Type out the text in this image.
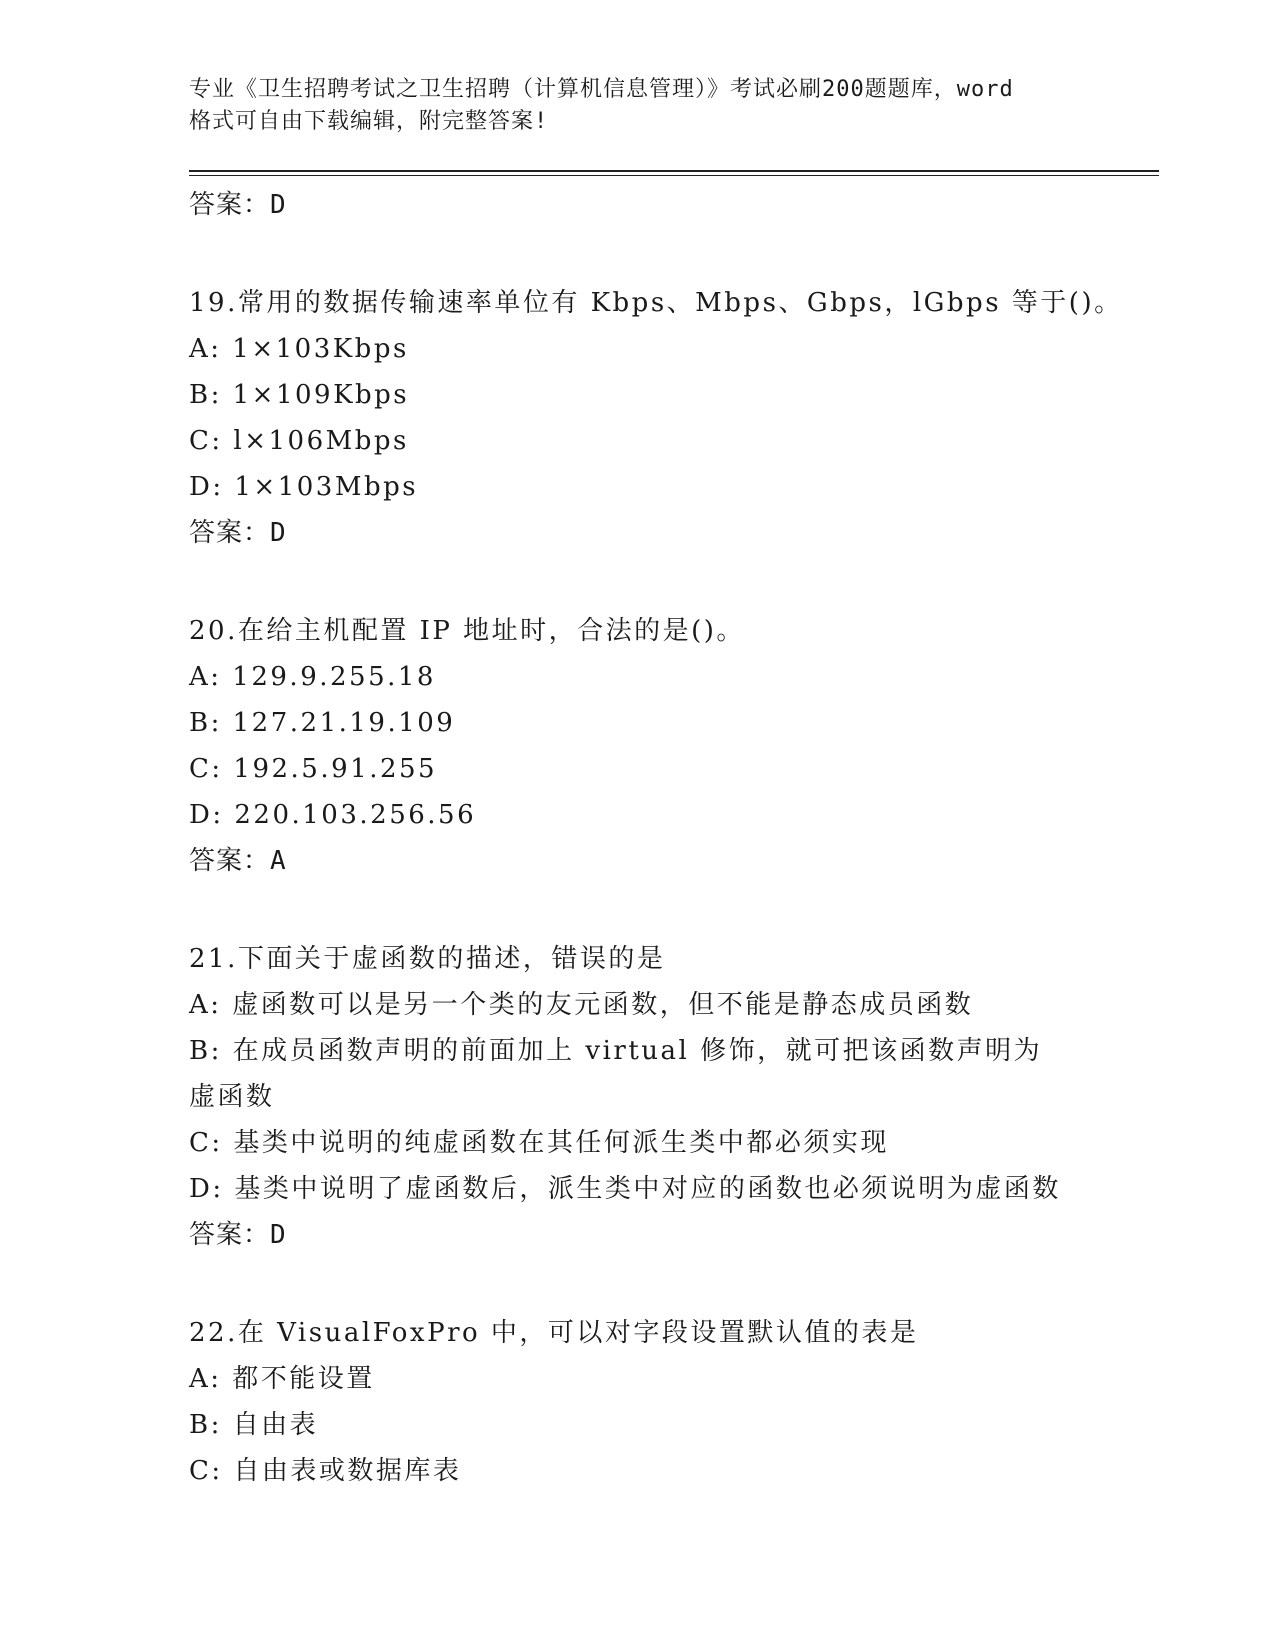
专业《卫生招聘考试之卫生招聘（计算机信息管理）》考试必刷200题题库，word
格式可自由下载编辑，附完整答案!
答案：D
19.常用的数据传输速率单位有 Kbps、Mbps、Gbps，lGbps 等于()。
A: 1×103Kbps
B: 1×109Kbps
C: l×106Mbps
D: 1×103Mbps
答案：D
20.在给主机配置 IP 地址时，合法的是()。
A: 129.9.255.18
B: 127.21.19.109
C: 192.5.91.255
D: 220.103.256.56
答案：A
21.下面关于虚函数的描述，错误的是
A: 虚函数可以是另一个类的友元函数，但不能是静态成员函数
B: 在成员函数声明的前面加上 virtual 修饰，就可把该函数声明为虚函数
C: 基类中说明的纯虚函数在其任何派生类中都必须实现
D: 基类中说明了虚函数后，派生类中对应的函数也必须说明为虚函数
答案：D
22.在 VisualFoxPro 中，可以对字段设置默认值的表是
A: 都不能设置
B: 自由表
C: 自由表或数据库表
